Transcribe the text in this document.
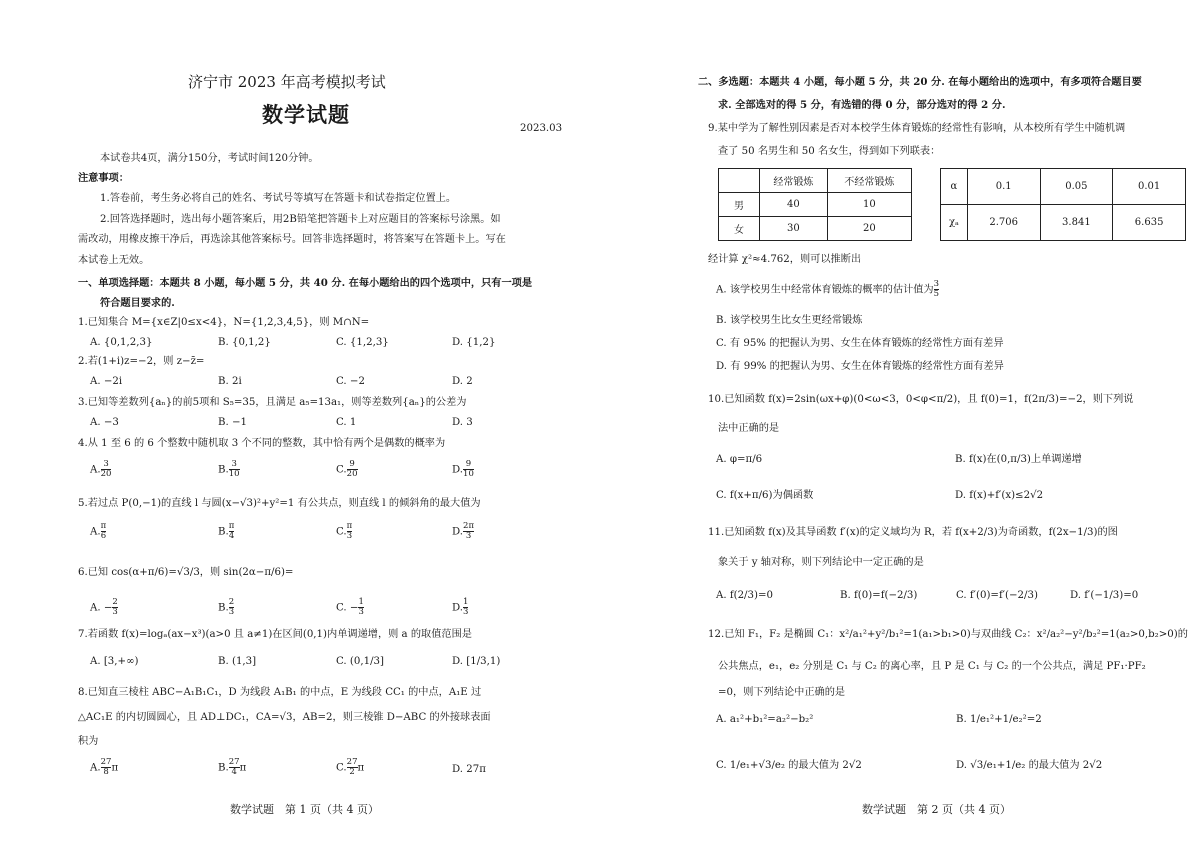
济宁市 2023 年高考模拟考试
数学试题
2023.03
本试卷共4页，满分150分，考试时间120分钟。
注意事项：
1.答卷前，考生务必将自己的姓名、考试号等填写在答题卡和试卷指定位置上。
2.回答选择题时，选出每小题答案后，用2B铅笔把答题卡上对应题目的答案标号涂黑。如
需改动，用橡皮擦干净后，再选涂其他答案标号。回答非选择题时，将答案写在答题卡上。写在
本试卷上无效。
一、单项选择题：本题共 8 小题，每小题 5 分，共 40 分. 在每小题给出的四个选项中，只有一项是
符合题目要求的.
1.已知集合 M={x∈Z|0≤x<4}，N={1,2,3,4,5}，则 M∩N=
A. {0,1,2,3}	B. {0,1,2}	C. {1,2,3}	D. {1,2}
2.若(1+i)z=−2，则 z−z̄=
A. −2i	B. 2i	C. −2	D. 2
3.已知等差数列{aₙ}的前5项和 S₅=35，且满足 a₅=13a₁，则等差数列{aₙ}的公差为
A. −3	B. −1	C. 1	D. 3
4.从 1 至 6 的 6 个整数中随机取 3 个不同的整数，其中恰有两个是偶数的概率为
A. $\frac{3}{20}$	B. $\frac{3}{10}$	C. $\frac{9}{20}$	D. $\frac{9}{10}$
5.若过点 P(0,−1)的直线 l 与圆(x−√3)²+y²=1 有公共点，则直线 l 的倾斜角的最大值为
A. $\frac{\pi}{6}$	B. $\frac{\pi}{4}$	C. $\frac{\pi}{3}$	D. $\frac{2\pi}{3}$
6.已知 cos(α+π/6)=√3/3，则 sin(2α−π/6)=
A. − $\frac{2}{3}$	B. $\frac{2}{3}$	C. − $\frac{1}{3}$	D. $\frac{1}{3}$
7.若函数 f(x)=logₐ(ax−x³)(a>0 且 a≠1)在区间(0,1)内单调递增，则 a 的取值范围是
A. [3,+∞)	B. (1,3]	C. (0,1/3]	D. [1/3,1)
8.已知直三棱柱 ABC−A₁B₁C₁，D 为线段 A₁B₁ 的中点，E 为线段 CC₁ 的中点，A₁E 过
△AC₁E 的内切圆圆心，且 AD⊥DC₁，CA=√3，AB=2，则三棱锥 D−ABC 的外接球表面
积为
A. $\frac{27}{8}$ π	B. $\frac{27}{4}$ π	C. $\frac{27}{2}$ π	D. 27π
数学试题　第 1 页（共 4 页）
二、多选题：本题共 4 小题，每小题 5 分，共 20 分. 在每小题给出的选项中，有多项符合题目要
求. 全部选对的得 5 分，有选错的得 0 分，部分选对的得 2 分.
9.某中学为了解性别因素是否对本校学生体育锻炼的经常性有影响，从本校所有学生中随机调
查了 50 名男生和 50 名女生，得到如下列联表：
	经常锻炼	不经常锻炼
男	40	10
女	30	20
α	0.1	0.05	0.01
χₐ	2.706	3.841	6.635
经计算 χ²≈4.762，则可以推断出
A. 该学校男生中经常体育锻炼的概率的估计值为 $\frac{3}{5}$
B. 该学校男生比女生更经常锻炼
C. 有 95% 的把握认为男、女生在体育锻炼的经常性方面有差异
D. 有 99% 的把握认为男、女生在体育锻炼的经常性方面有差异
10.已知函数 f(x)=2sin(ωx+φ)(0<ω<3，0<φ<π/2)，且 f(0)=1，f(2π/3)=−2，则下列说
法中正确的是
A. φ=π/6	B. f(x)在(0,π/3)上单调递增
C. f(x+π/6)为偶函数	D. f(x)+f′(x)≤2√2
11.已知函数 f(x)及其导函数 f′(x)的定义域均为 R，若 f(x+2/3)为奇函数，f(2x−1/3)的图
象关于 y 轴对称，则下列结论中一定正确的是
A. f(2/3)=0	B. f(0)=f(−2/3)	C. f′(0)=f′(−2/3)	D. f′(−1/3)=0
12.已知 F₁，F₂ 是椭圆 C₁：x²/a₁²+y²/b₁²=1(a₁>b₁>0)与双曲线 C₂：x²/a₂²−y²/b₂²=1(a₂>0,b₂>0)的
公共焦点，e₁，e₂ 分别是 C₁ 与 C₂ 的离心率，且 P 是 C₁ 与 C₂ 的一个公共点，满足 PF₁·PF₂
=0，则下列结论中正确的是
A. a₁²+b₁²=a₂²−b₂²	B. 1/e₁²+1/e₂²=2
C. 1/e₁+√3/e₂ 的最大值为 2√2	D. √3/e₁+1/e₂ 的最大值为 2√2
数学试题　第 2 页（共 4 页）
